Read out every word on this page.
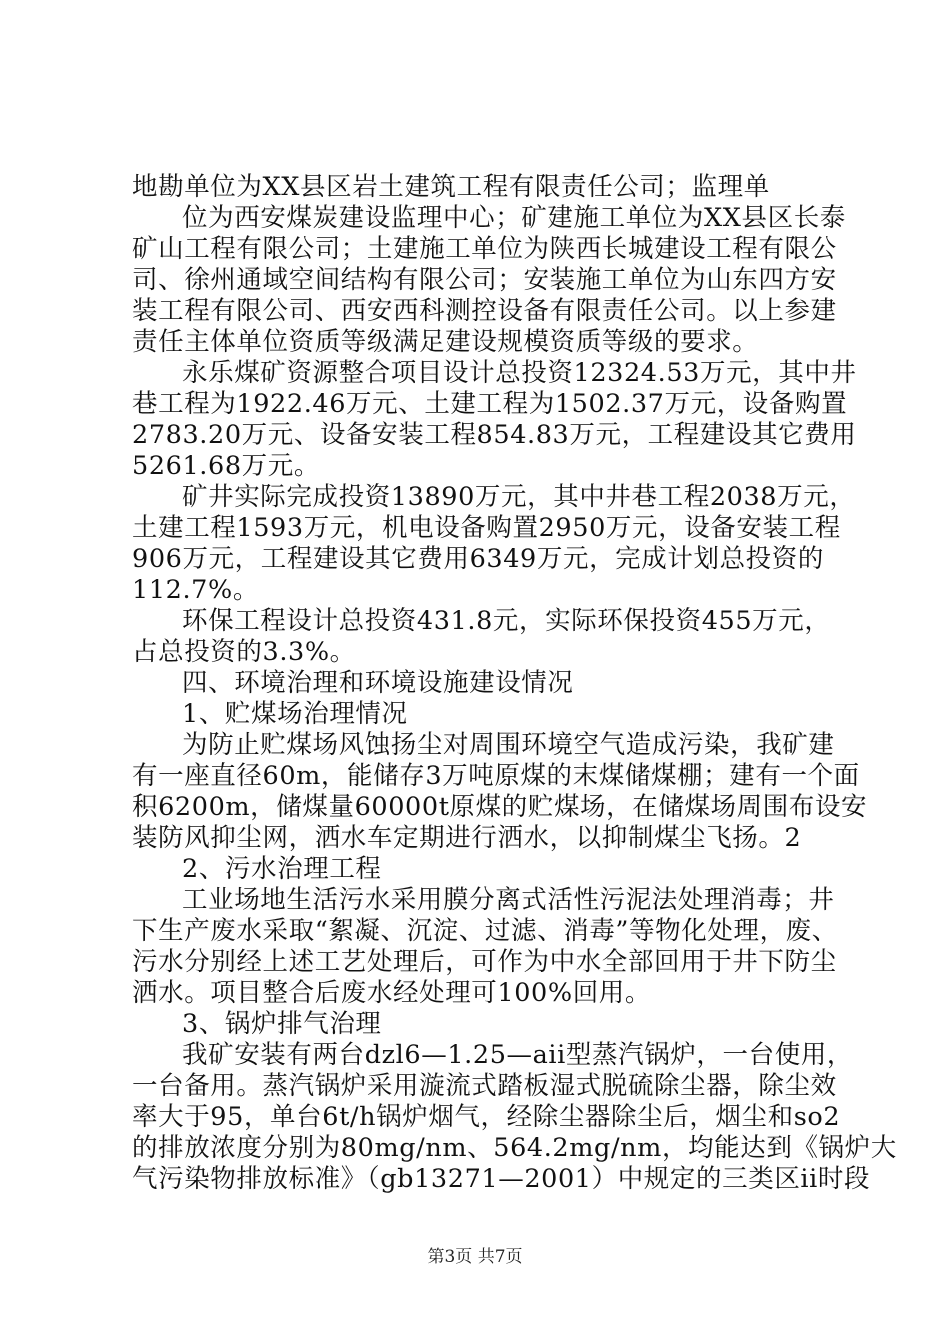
地勘单位为XX县区岩土建筑工程有限责任公司；监理单
位为西安煤炭建设监理中心；矿建施工单位为XX县区长泰
矿山工程有限公司；土建施工单位为陕西长城建设工程有限公
司、徐州通域空间结构有限公司；安装施工单位为山东四方安
装工程有限公司、西安西科测控设备有限责任公司。以上参建
责任主体单位资质等级满足建设规模资质等级的要求。
永乐煤矿资源整合项目设计总投资12324.53万元，其中井
巷工程为1922.46万元、土建工程为1502.37万元，设备购置
2783.20万元、设备安装工程854.83万元，工程建设其它费用
5261.68万元。
矿井实际完成投资13890万元，其中井巷工程2038万元，
土建工程1593万元，机电设备购置2950万元，设备安装工程
906万元，工程建设其它费用6349万元，完成计划总投资的
112.7%。
环保工程设计总投资431.8元，实际环保投资455万元，
占总投资的3.3%。
四、环境治理和环境设施建设情况
1、贮煤场治理情况
为防止贮煤场风蚀扬尘对周围环境空气造成污染，我矿建
有一座直径60m，能储存3万吨原煤的末煤储煤棚；建有一个面
积6200m，储煤量60000t原煤的贮煤场，在储煤场周围布设安
装防风抑尘网，洒水车定期进行洒水，以抑制煤尘飞扬。2
2、污水治理工程
工业场地生活污水采用膜分离式活性污泥法处理消毒；井
下生产废水采取“絮凝、沉淀、过滤、消毒”等物化处理，废、
污水分别经上述工艺处理后，可作为中水全部回用于井下防尘
洒水。项目整合后废水经处理可100%回用。
3、锅炉排气治理
我矿安装有两台dzl6—1.25—aii型蒸汽锅炉，一台使用，
一台备用。蒸汽锅炉采用漩流式踏板湿式脱硫除尘器，除尘效
率大于95，单台6t/h锅炉烟气，经除尘器除尘后，烟尘和so2
的排放浓度分别为80mg/nm、564.2mg/nm，均能达到《锅炉大
气污染物排放标准》（gb13271—2001）中规定的三类区ii时段
第3页 共7页
